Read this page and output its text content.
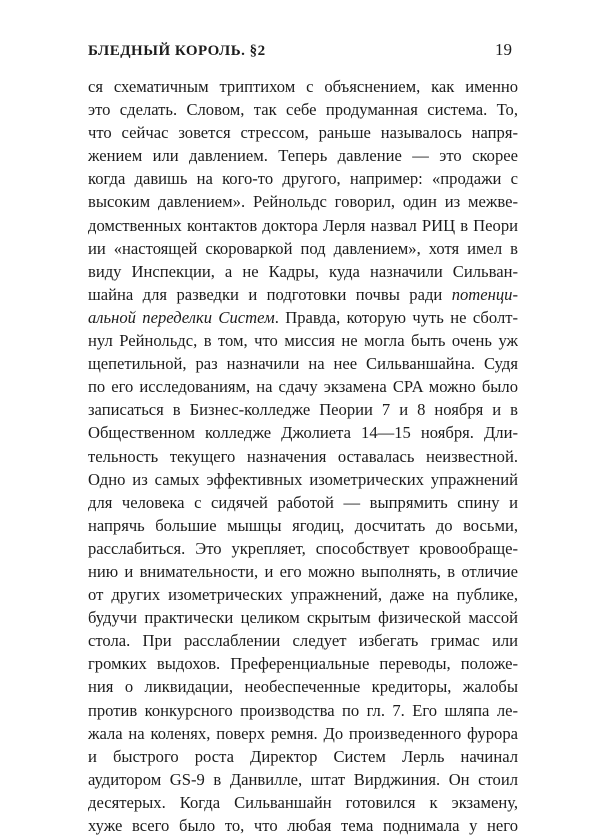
БЛЕДНЫЙ КОРОЛЬ. §2	19
ся схематичным триптихом с объяснением, как именно
это сделать. Словом, так себе продуманная система. То,
что сейчас зовется стрессом, раньше называлось напря-
жением или давлением. Теперь давление — это скорее
когда давишь на кого-то другого, например: «продажи с
высоким давлением». Рейнольдс говорил, один из межве-
домственных контактов доктора Лерля назвал РИЦ в Пеори
ии «настоящей скороваркой под давлением», хотя имел в
виду Инспекции, а не Кадры, куда назначили Сильван-
шайна для разведки и подготовки почвы ради потенци-
альной переделки Систем. Правда, которую чуть не сболт-
нул Рейнольдс, в том, что миссия не могла быть очень уж
щепетильной, раз назначили на нее Сильваншайна. Судя
по его исследованиям, на сдачу экзамена CPA можно было
записаться в Бизнес-колледже Пеории 7 и 8 ноября и в
Общественном колледже Джолиета 14—15 ноября. Дли-
тельность текущего назначения оставалась неизвестной.
Одно из самых эффективных изометрических упражнений
для человека с сидячей работой — выпрямить спину и
напрячь большие мышцы ягодиц, досчитать до восьми,
расслабиться. Это укрепляет, способствует кровообраще-
нию и внимательности, и его можно выполнять, в отличие
от других изометрических упражнений, даже на публике,
будучи практически целиком скрытым физической массой
стола. При расслаблении следует избегать гримас или
громких выдохов. Преференциальные переводы, положе-
ния о ликвидации, необеспеченные кредиторы, жалобы
против конкурсного производства по гл. 7. Его шляпа ле-
жала на коленях, поверх ремня. До произведенного фурора
и быстрого роста Директор Систем Лерль начинал
аудитором GS-9 в Данвилле, штат Вирджиния. Он стоил
десятерых. Когда Сильваншайн готовился к экзамену,
хуже всего было то, что любая тема поднимала у него
